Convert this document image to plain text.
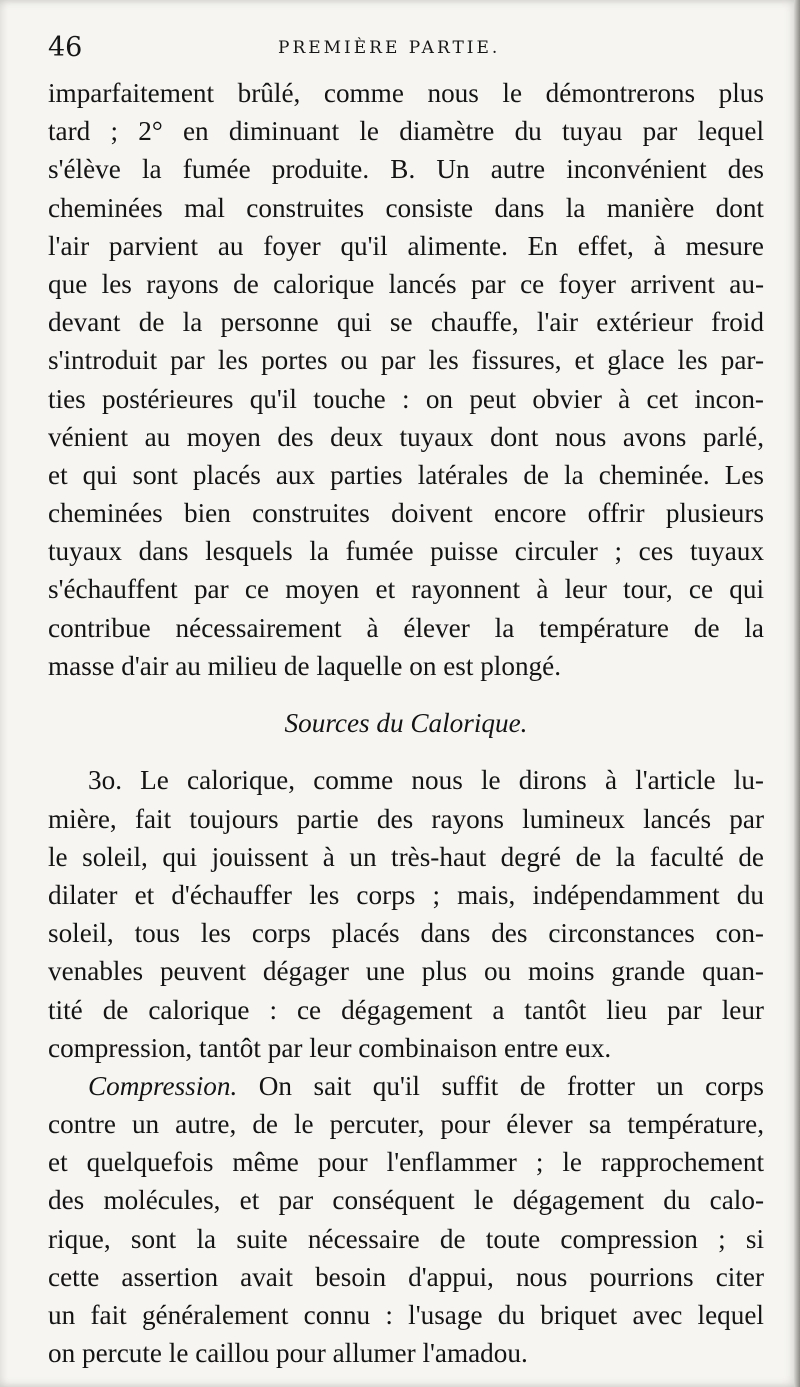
46	PREMIÈRE PARTIE.
imparfaitement brûlé, comme nous le démontrerons plus
tard ; 2° en diminuant le diamètre du tuyau par lequel
s'élève la fumée produite. B. Un autre inconvénient des
cheminées mal construites consiste dans la manière dont
l'air parvient au foyer qu'il alimente. En effet, à mesure
que les rayons de calorique lancés par ce foyer arrivent au-
devant de la personne qui se chauffe, l'air extérieur froid
s'introduit par les portes ou par les fissures, et glace les par-
ties postérieures qu'il touche : on peut obvier à cet incon-
vénient au moyen des deux tuyaux dont nous avons parlé,
et qui sont placés aux parties latérales de la cheminée. Les
cheminées bien construites doivent encore offrir plusieurs
tuyaux dans lesquels la fumée puisse circuler ; ces tuyaux
s'échauffent par ce moyen et rayonnent à leur tour, ce qui
contribue nécessairement à élever la température de la
masse d'air au milieu de laquelle on est plongé.
Sources du Calorique.
3o. Le calorique, comme nous le dirons à l'article lu-
mière, fait toujours partie des rayons lumineux lancés par
le soleil, qui jouissent à un très-haut degré de la faculté de
dilater et d'échauffer les corps ; mais, indépendamment du
soleil, tous les corps placés dans des circonstances con-
venables peuvent dégager une plus ou moins grande quan-
tité de calorique : ce dégagement a tantôt lieu par leur
compression, tantôt par leur combinaison entre eux.
Compression. On sait qu'il suffit de frotter un corps
contre un autre, de le percuter, pour élever sa température,
et quelquefois même pour l'enflammer ; le rapprochement
des molécules, et par conséquent le dégagement du calo-
rique, sont la suite nécessaire de toute compression ; si
cette assertion avait besoin d'appui, nous pourrions citer
un fait généralement connu : l'usage du briquet avec lequel
on percute le caillou pour allumer l'amadou.
